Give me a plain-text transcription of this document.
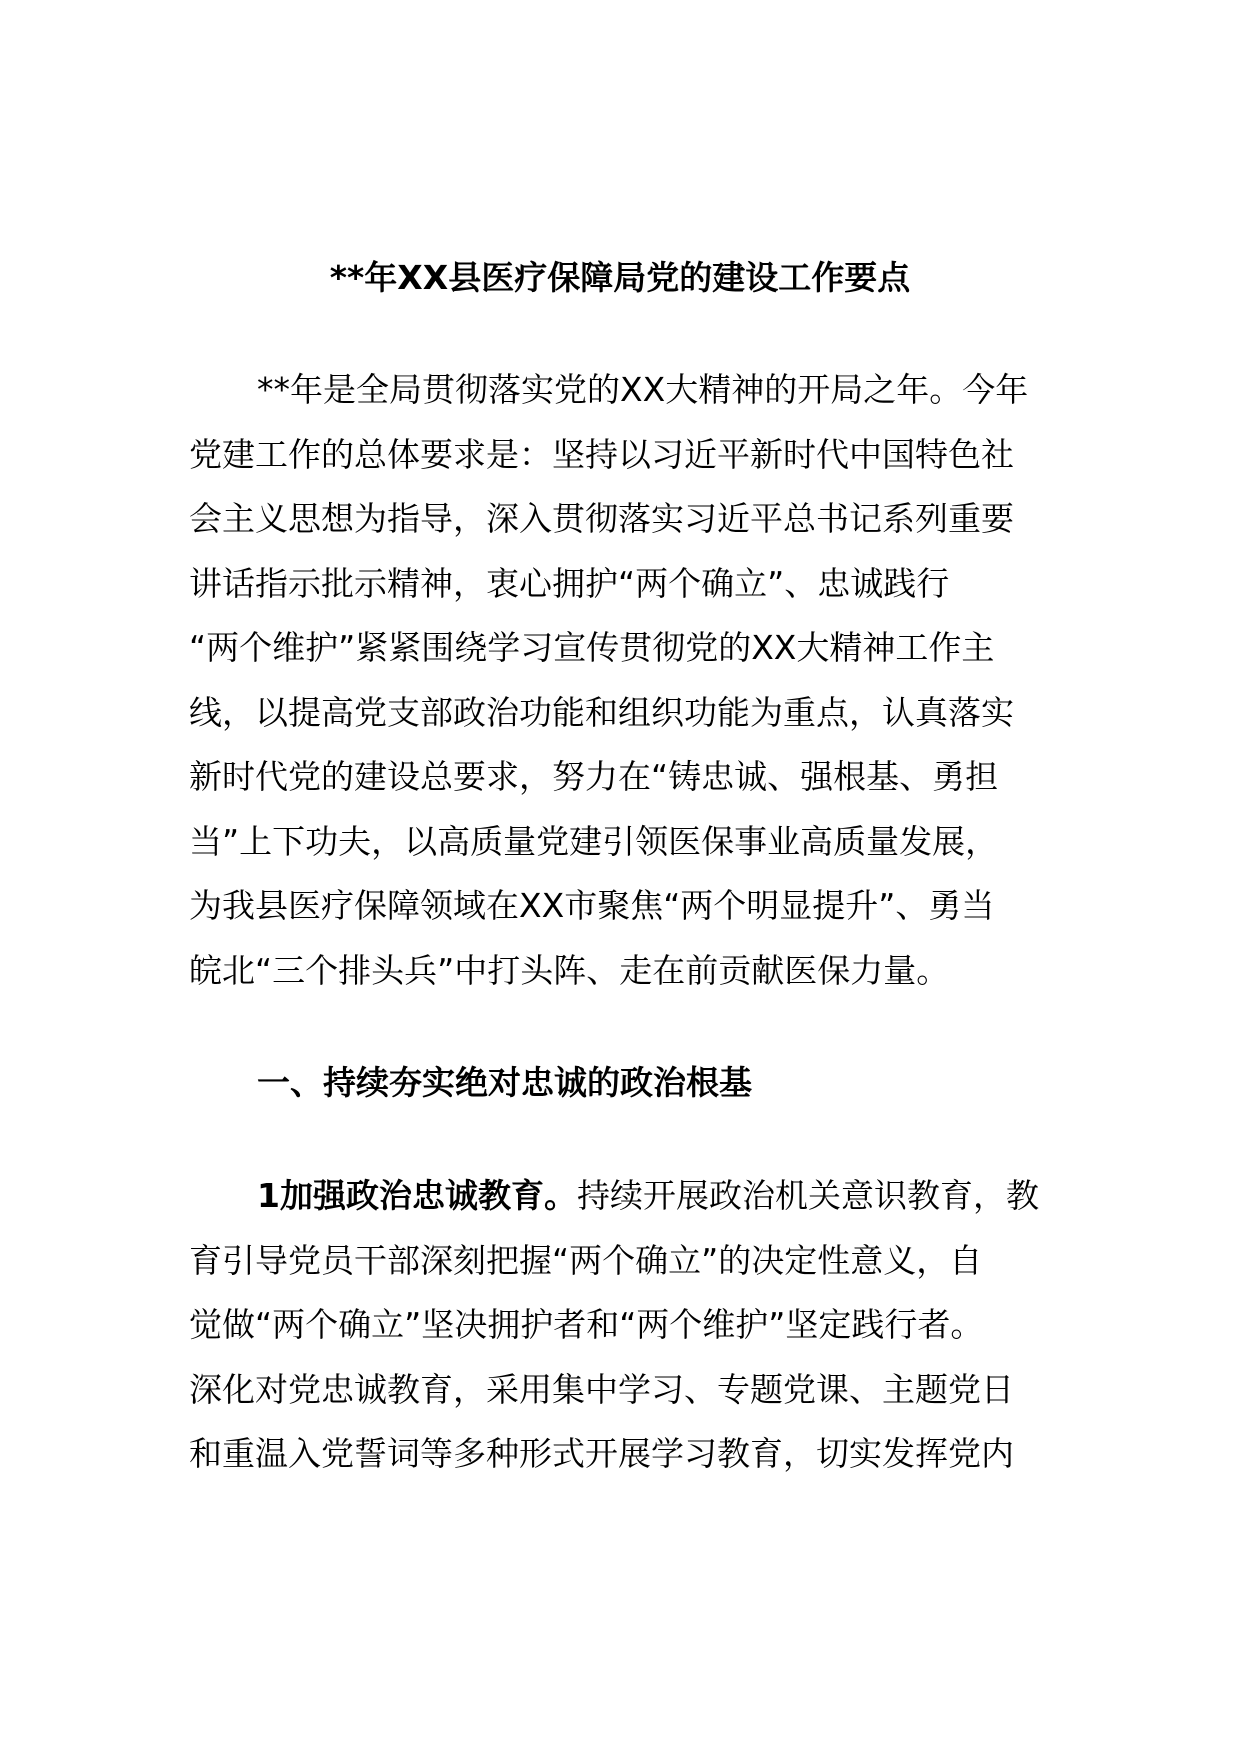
**年XX县医疗保障局党的建设工作要点
**年是全局贯彻落实党的XX大精神的开局之年。今年
党建工作的总体要求是：坚持以习近平新时代中国特色社
会主义思想为指导，深入贯彻落实习近平总书记系列重要
讲话指示批示精神，衷心拥护“两个确立”、忠诚践行
“两个维护”紧紧围绕学习宣传贯彻党的XX大精神工作主
线，以提高党支部政治功能和组织功能为重点，认真落实
新时代党的建设总要求，努力在“铸忠诚、强根基、勇担
当”上下功夫，以高质量党建引领医保事业高质量发展，
为我县医疗保障领域在XX市聚焦“两个明显提升”、勇当
皖北“三个排头兵”中打头阵、走在前贡献医保力量。
一、持续夯实绝对忠诚的政治根基
1加强政治忠诚教育。持续开展政治机关意识教育，教
育引导党员干部深刻把握“两个确立”的决定性意义，自
觉做“两个确立”坚决拥护者和“两个维护”坚定践行者。
深化对党忠诚教育，采用集中学习、专题党课、主题党日
和重温入党誓词等多种形式开展学习教育，切实发挥党内
